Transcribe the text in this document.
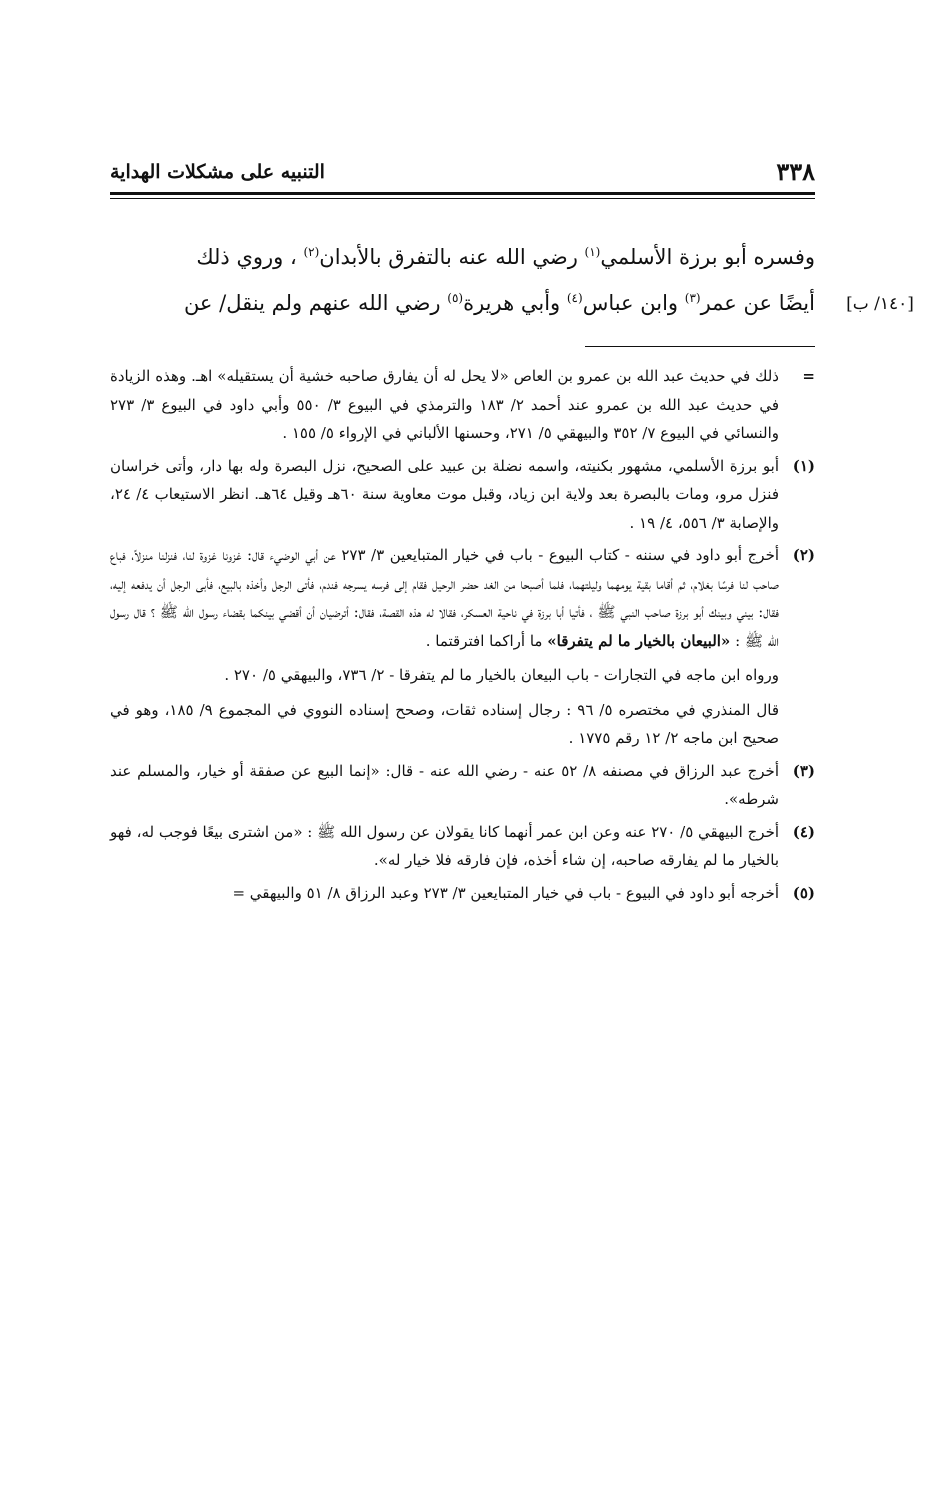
٣٣٨
التنبيه على مشكلات الهداية
وفسره أبو برزة الأسلمي$^{(١)}$ رضي الله عنه بالتفرق بالأبدان$^{(٢)}$ ، وروي ذلك
أيضًا عن عمر$^{(٣)}$ وابن عباس$^{(٤)}$ وأبي هريرة$^{(٥)}$ رضي الله عنهم ولم ينقل/ عن	[١٤٠/ ب]
=
ذلك في حديث عبد الله بن عمرو بن العاص «لا يحل له أن يفارق صاحبه خشية أن يستقيله» اهـ. وهذه الزيادة في حديث عبد الله بن عمرو عند أحمد ٢/ ١٨٣ والترمذي في البيوع ٣/ ٥٥٠ وأبي داود في البيوع ٣/ ٢٧٣ والنسائي في البيوع ٧/ ٣٥٢ والبيهقي ٥/ ٢٧١، وحسنها الألباني في الإرواء ٥/ ١٥٥ .
(١)
أبو برزة الأسلمي، مشهور بكنيته، واسمه نضلة بن عبيد على الصحيح، نزل البصرة وله بها دار، وأتى خراسان فنزل مرو، ومات بالبصرة بعد ولاية ابن زياد، وقبل موت معاوية سنة ٦٠هـ وقيل ٦٤هـ. انظر الاستيعاب ٤/ ٢٤، والإصابة ٣/ ٥٥٦، ٤/ ١٩ .
(٢)

أخرج أبو داود في سننه - كتاب البيوع - باب في خيار المتبايعين ٣/ ٢٧٣ عن أبي الوضيء قال: غزونا غزوة لنا، فنزلنا منزلاً، فباع صاحب لنا فرسًا بغلام، ثم أقاما بقية يومهما وليلتهما، فلما أصبحا من الغد حضر الرحيل فقام إلى فرسه يسرجه فندم، فأتى الرجل وأخذه بالبيع، فأبى الرجل أن يدفعه إليه، فقال: بيني وبينك أبو برزة صاحب النبي ﷺ ، فأتيا أبا برزة في ناحية العسكر، فقالا له هذه القصة، فقال: أترضيان أن أقضي بينكما بقضاء رسول الله ﷺ ؟ قال رسول الله ﷺ : «البيعان بالخيار ما لم يتفرقا» ما أراكما افترقتما .

ورواه ابن ماجه في التجارات - باب البيعان بالخيار ما لم يتفرقا - ٢/ ٧٣٦، والبيهقي ٥/ ٢٧٠ .

قال المنذري في مختصره ٥/ ٩٦ : رجال إسناده ثقات، وصحح إسناده النووي في المجموع ٩/ ١٨٥، وهو في صحيح ابن ماجه ٢/ ١٢ رقم ١٧٧٥ .

(٣)
أخرج عبد الرزاق في مصنفه ٨/ ٥٢ عنه - رضي الله عنه - قال: «إنما البيع عن صفقة أو خيار، والمسلم عند شرطه».
(٤)
أخرج البيهقي ٥/ ٢٧٠ عنه وعن ابن عمر أنهما كانا يقولان عن رسول الله ﷺ : «من اشترى بيعًا فوجب له، فهو بالخيار ما لم يفارقه صاحبه، إن شاء أخذه، فإن فارقه فلا خيار له».
(٥)
أخرجه أبو داود في البيوع - باب في خيار المتبايعين ٣/ ٢٧٣ وعبد الرزاق ٨/ ٥١ والبيهقي =
